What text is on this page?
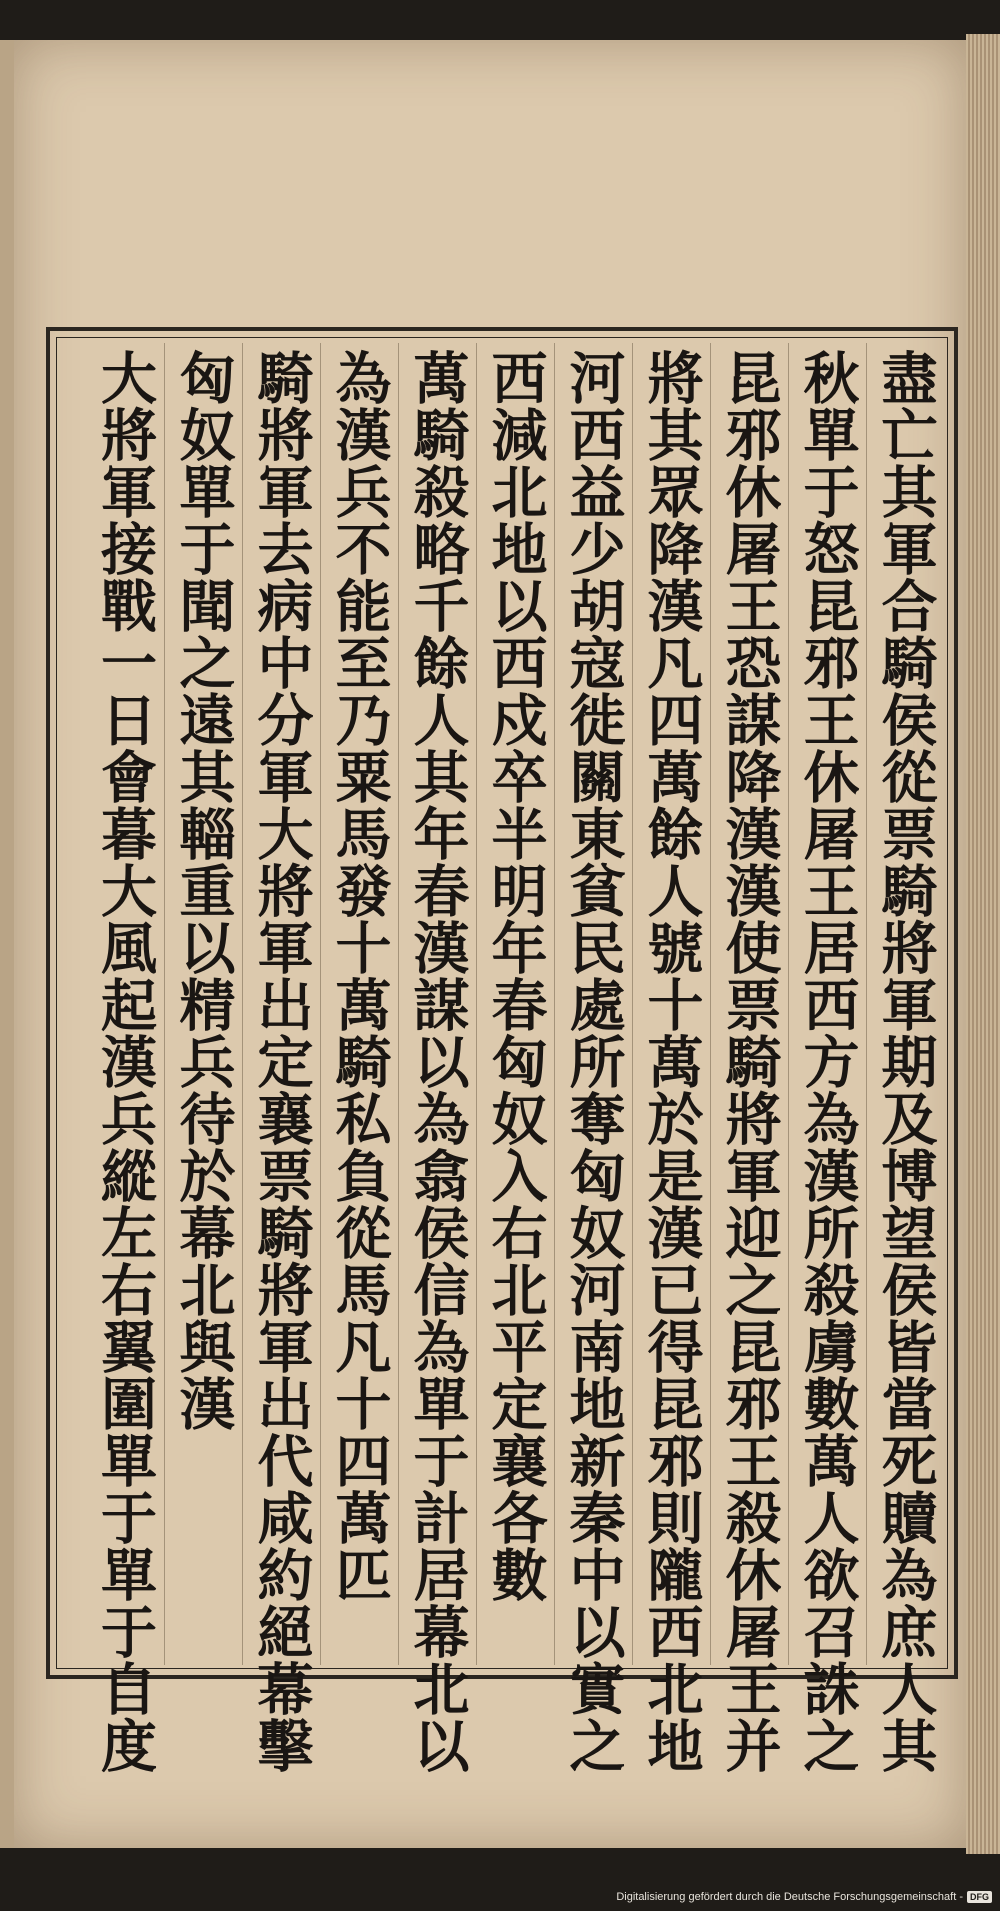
盡亡其軍合騎侯從票騎將軍期及博望侯皆當死贖為庶人其
秋單于怒昆邪王休屠王居西方為漢所殺虜數萬人欲召誅之
昆邪休屠王恐謀降漢漢使票騎將軍迎之昆邪王殺休屠王并
將其眾降漢凡四萬餘人號十萬於是漢已得昆邪則隴西北地
河西益少胡寇徙關東貧民處所奪匈奴河南地新秦中以實之
西減北地以西戍卒半明年春匈奴入右北平定襄各數
萬騎殺略千餘人其年春漢謀以為翕侯信為單于計居幕北以
為漢兵不能至乃粟馬發十萬騎私負從馬凡十四萬匹
騎將軍去病中分軍大將軍出定襄票騎將軍出代咸約絕幕擊
匈奴單于聞之遠其輜重以精兵待於幕北與漢
大將軍接戰一日會暮大風起漢兵縱左右翼圍單于單于自度
Digitalisierung gefördert durch die Deutsche Forschungsgemeinschaft - DFG
